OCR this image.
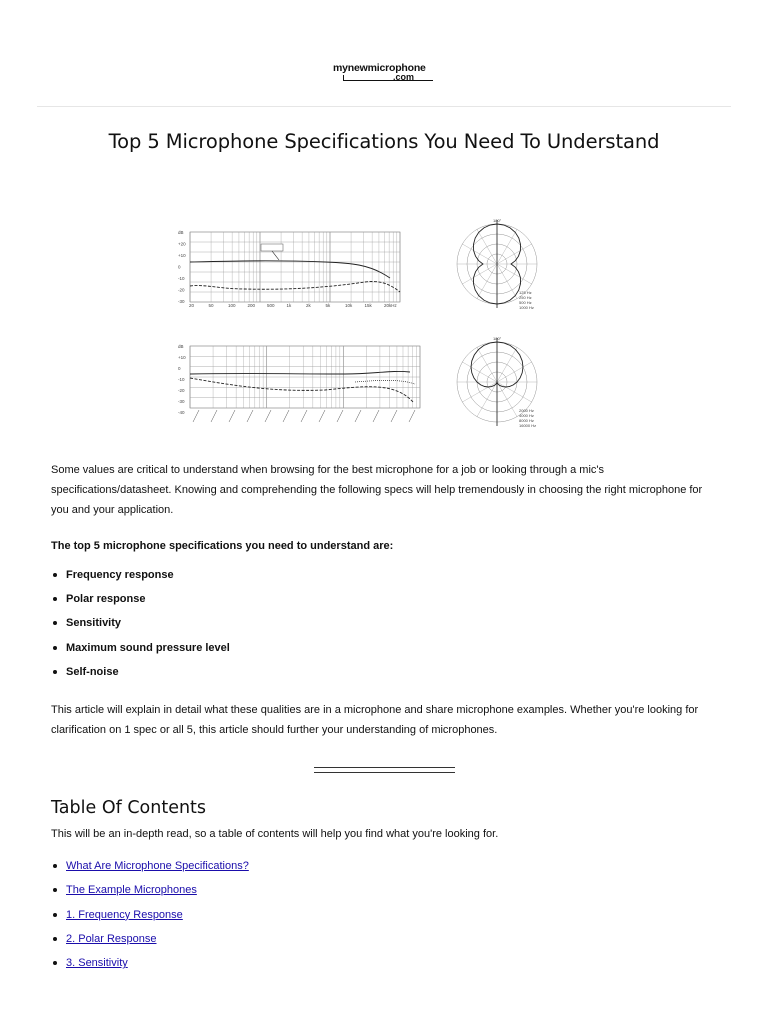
mynewmicrophone
.com
Top 5 Microphone Specifications You Need To Understand
dB
+20
+10
0
-10
-20
-30
20	50	100	200	500	1k	2k	5k	10k	15k	20kHz
dB
+10
0
-10
-20
-30
-40
180°
125 Hz
250 Hz
500 Hz
1000 Hz
180°
2000 Hz
4000 Hz
8000 Hz
16000 Hz

Some values are critical to understand when browsing for the best microphone for a job or looking through a mic's specifications/datasheet. Knowing and comprehending the following specs will help tremendously in choosing the right microphone for you and your application.

The top 5 microphone specifications you need to understand are:

Frequency response
Polar response
Sensitivity
Maximum sound pressure level
Self-noise

This article will explain in detail what these qualities are in a microphone and share microphone examples. Whether you're looking for clarification on 1 spec or all 5, this article should further your understanding of microphones.

Table Of Contents

This will be an in-depth read, so a table of contents will help you find what you're looking for.

What Are Microphone Specifications?
The Example Microphones
1. Frequency Response
2. Polar Response
3. Sensitivity
